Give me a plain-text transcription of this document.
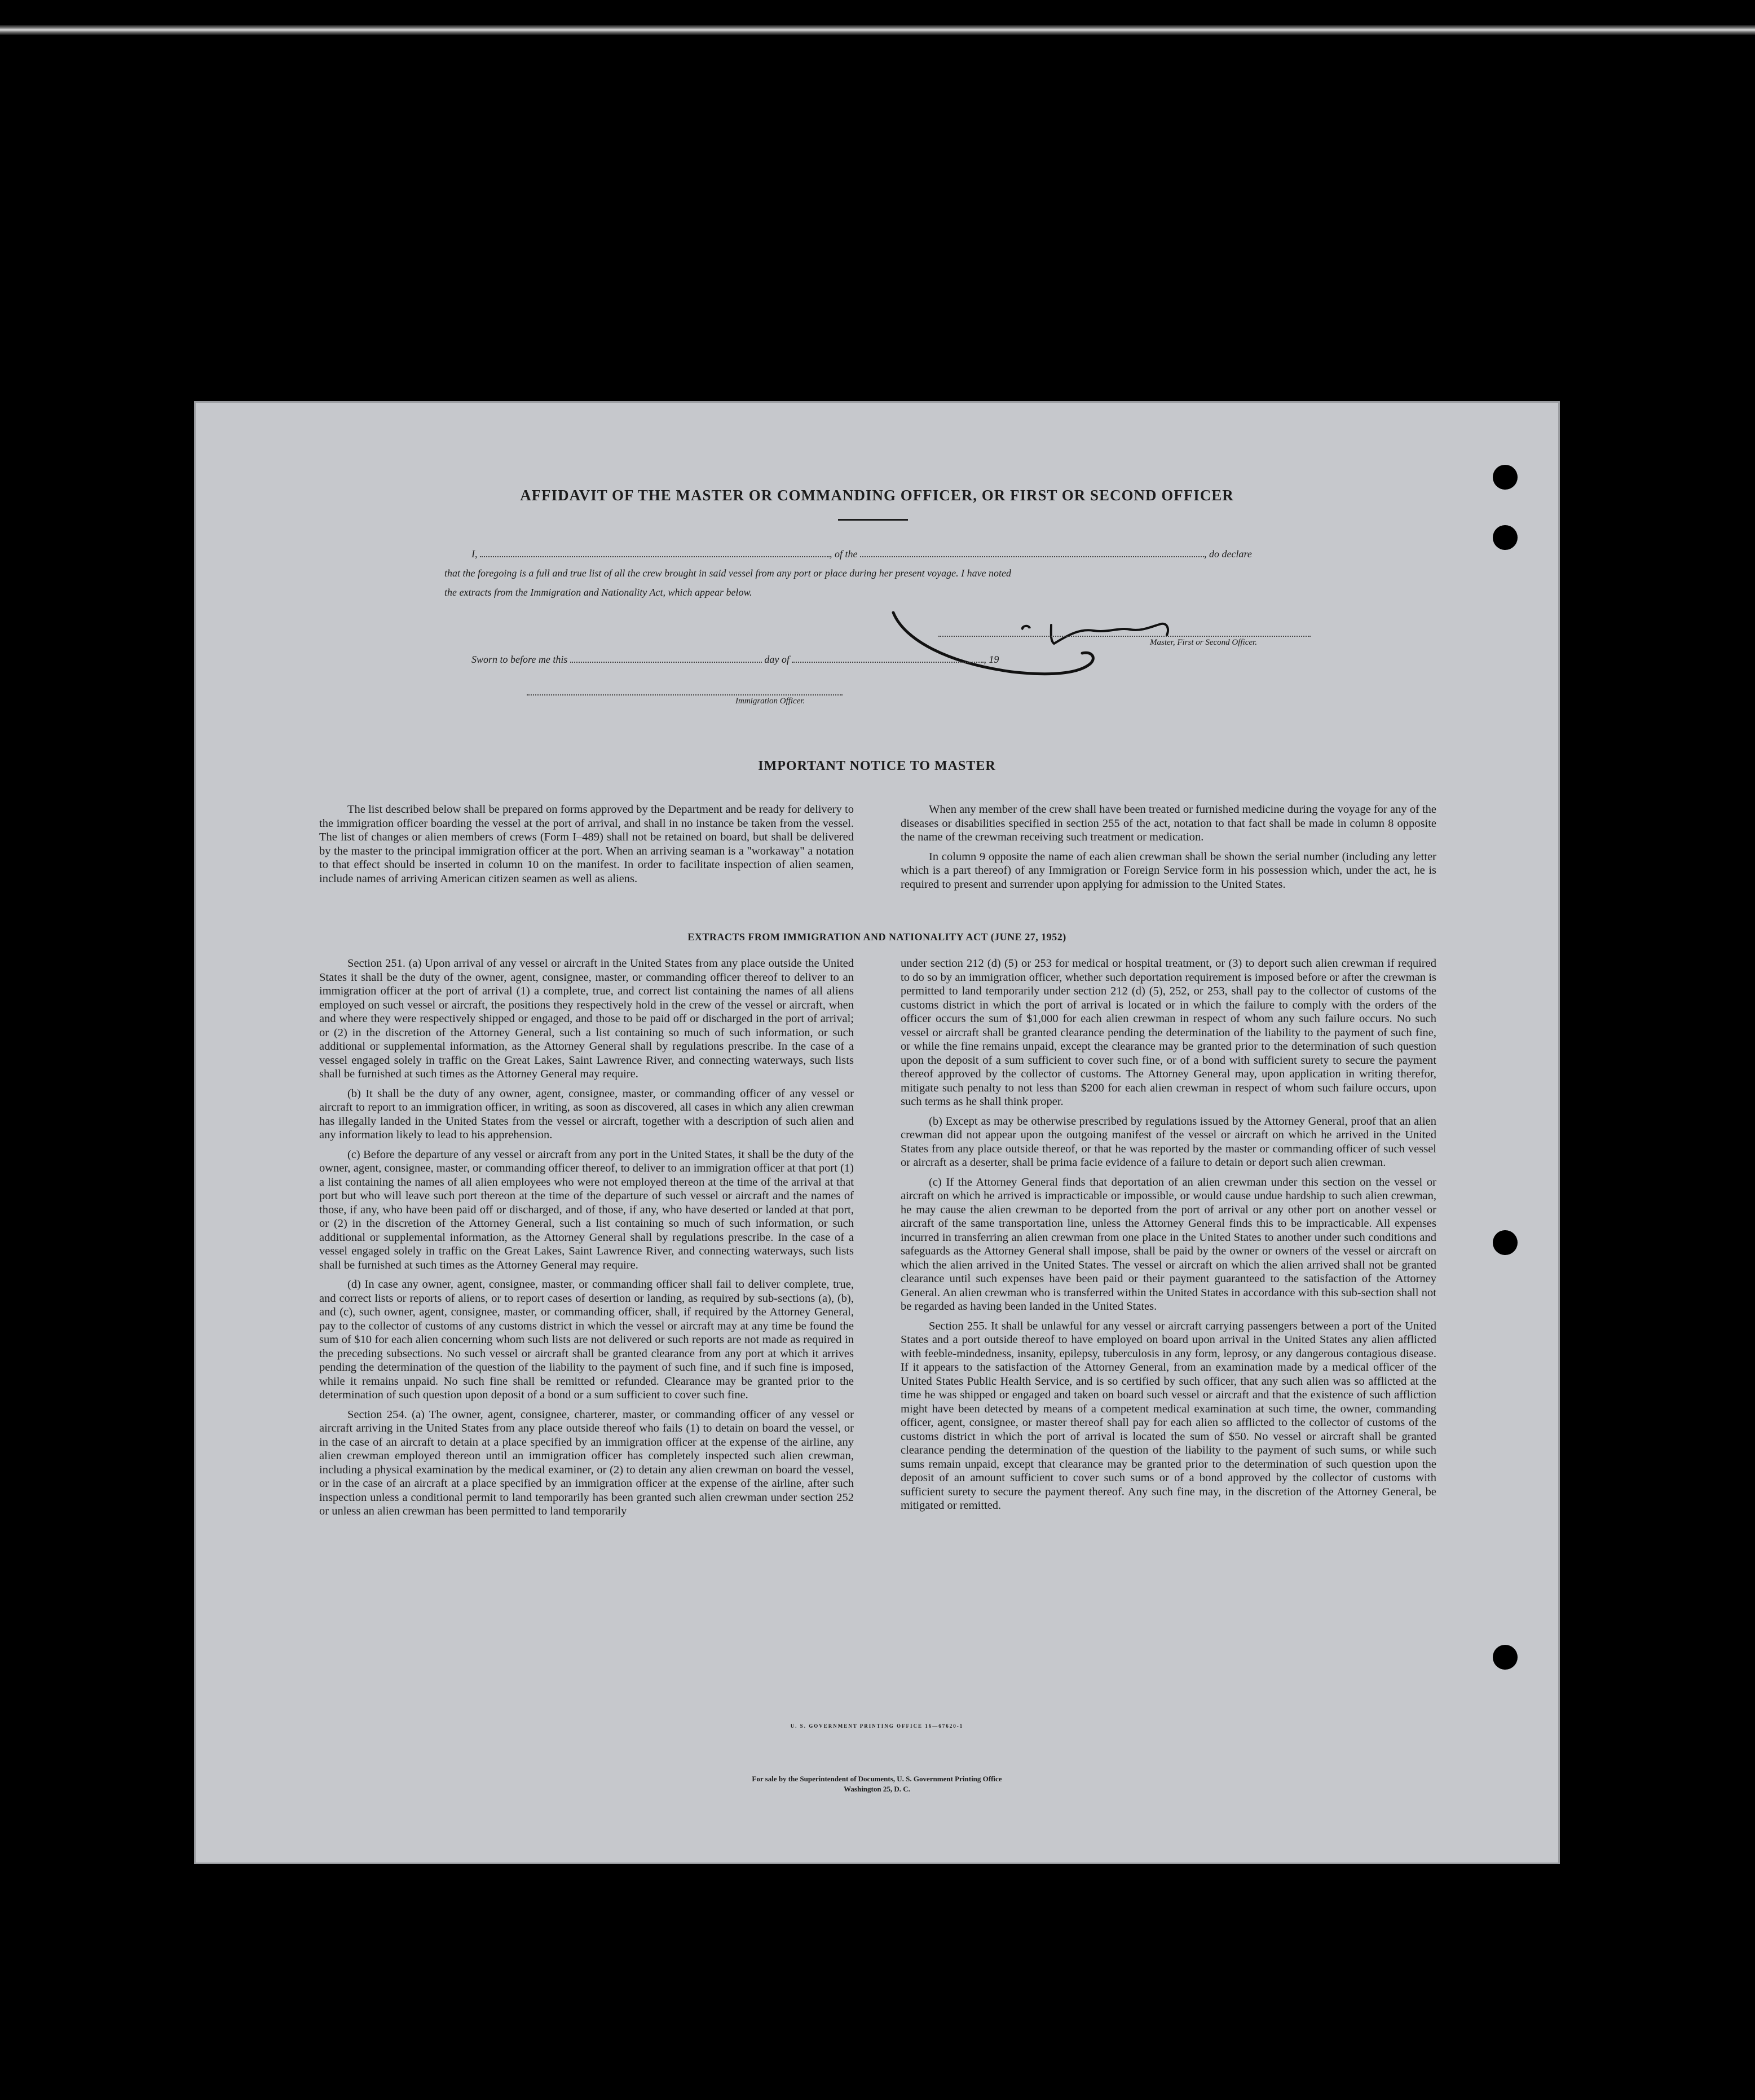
AFFIDAVIT OF THE MASTER OR COMMANDING OFFICER, OR FIRST OR SECOND OFFICER
I,	, of the	, do declare
that the foregoing is a full and true list of all the crew brought in said vessel from any port or place during her present voyage. I have noted
the extracts from the Immigration and Nationality Act, which appear below.
Master, First or Second Officer.
Sworn to before me this	day of	, 19
Immigration Officer.
IMPORTANT NOTICE TO MASTER

The list described below shall be prepared on forms approved by the Department and be ready for delivery to the immigration officer boarding the vessel at the port of arrival, and shall in no instance be taken from the vessel. The list of changes or alien members of crews (Form I–489) shall not be retained on board, but shall be delivered by the master to the principal immigration officer at the port. When an arriving seaman is a "workaway" a notation to that effect should be inserted in column 10 on the manifest. In order to facilitate inspection of alien seamen, include names of arriving American citizen seamen as well as aliens.

When any member of the crew shall have been treated or furnished medicine during the voyage for any of the diseases or disabilities specified in section 255 of the act, notation to that fact shall be made in column 8 opposite the name of the crewman receiving such treatment or medication.

In column 9 opposite the name of each alien crewman shall be shown the serial number (including any letter which is a part thereof) of any Immigration or Foreign Service form in his possession which, under the act, he is required to present and surrender upon applying for admission to the United States.

EXTRACTS FROM IMMIGRATION AND NATIONALITY ACT (JUNE 27, 1952)

Section 251. (a) Upon arrival of any vessel or aircraft in the United States from any place outside the United States it shall be the duty of the owner, agent, consignee, master, or commanding officer thereof to deliver to an immigration officer at the port of arrival (1) a complete, true, and correct list containing the names of all aliens employed on such vessel or aircraft, the positions they respectively hold in the crew of the vessel or aircraft, when and where they were respectively shipped or engaged, and those to be paid off or discharged in the port of arrival; or (2) in the discretion of the Attorney General, such a list containing so much of such information, or such additional or supplemental information, as the Attorney General shall by regulations prescribe. In the case of a vessel engaged solely in traffic on the Great Lakes, Saint Lawrence River, and connecting waterways, such lists shall be furnished at such times as the Attorney General may require.

(b) It shall be the duty of any owner, agent, consignee, master, or commanding officer of any vessel or aircraft to report to an immigration officer, in writing, as soon as discovered, all cases in which any alien crewman has illegally landed in the United States from the vessel or aircraft, together with a description of such alien and any information likely to lead to his apprehension.

(c) Before the departure of any vessel or aircraft from any port in the United States, it shall be the duty of the owner, agent, consignee, master, or commanding officer thereof, to deliver to an immigration officer at that port (1) a list containing the names of all alien employees who were not employed thereon at the time of the arrival at that port but who will leave such port thereon at the time of the departure of such vessel or aircraft and the names of those, if any, who have been paid off or discharged, and of those, if any, who have deserted or landed at that port, or (2) in the discretion of the Attorney General, such a list containing so much of such information, or such additional or supplemental information, as the Attorney General shall by regulations prescribe. In the case of a vessel engaged solely in traffic on the Great Lakes, Saint Lawrence River, and connecting waterways, such lists shall be furnished at such times as the Attorney General may require.

(d) In case any owner, agent, consignee, master, or commanding officer shall fail to deliver complete, true, and correct lists or reports of aliens, or to report cases of desertion or landing, as required by sub-sections (a), (b), and (c), such owner, agent, consignee, master, or commanding officer, shall, if required by the Attorney General, pay to the collector of customs of any customs district in which the vessel or aircraft may at any time be found the sum of $10 for each alien concerning whom such lists are not delivered or such reports are not made as required in the preceding subsections. No such vessel or aircraft shall be granted clearance from any port at which it arrives pending the determination of the question of the liability to the payment of such fine, and if such fine is imposed, while it remains unpaid. No such fine shall be remitted or refunded. Clearance may be granted prior to the determination of such question upon deposit of a bond or a sum sufficient to cover such fine.

Section 254. (a) The owner, agent, consignee, charterer, master, or commanding officer of any vessel or aircraft arriving in the United States from any place outside thereof who fails (1) to detain on board the vessel, or in the case of an aircraft to detain at a place specified by an immigration officer at the expense of the airline, any alien crewman employed thereon until an immigration officer has completely inspected such alien crewman, including a physical examination by the medical examiner, or (2) to detain any alien crewman on board the vessel, or in the case of an aircraft at a place specified by an immigration officer at the expense of the airline, after such inspection unless a conditional permit to land temporarily has been granted such alien crewman under section 252 or unless an alien crewman has been permitted to land temporarily

under section 212 (d) (5) or 253 for medical or hospital treatment, or (3) to deport such alien crewman if required to do so by an immigration officer, whether such deportation requirement is imposed before or after the crewman is permitted to land temporarily under section 212 (d) (5), 252, or 253, shall pay to the collector of customs of the customs district in which the port of arrival is located or in which the failure to comply with the orders of the officer occurs the sum of $1,000 for each alien crewman in respect of whom any such failure occurs. No such vessel or aircraft shall be granted clearance pending the determination of the liability to the payment of such fine, or while the fine remains unpaid, except the clearance may be granted prior to the determination of such question upon the deposit of a sum sufficient to cover such fine, or of a bond with sufficient surety to secure the payment thereof approved by the collector of customs. The Attorney General may, upon application in writing therefor, mitigate such penalty to not less than $200 for each alien crewman in respect of whom such failure occurs, upon such terms as he shall think proper.

(b) Except as may be otherwise prescribed by regulations issued by the Attorney General, proof that an alien crewman did not appear upon the outgoing manifest of the vessel or aircraft on which he arrived in the United States from any place outside thereof, or that he was reported by the master or commanding officer of such vessel or aircraft as a deserter, shall be prima facie evidence of a failure to detain or deport such alien crewman.

(c) If the Attorney General finds that deportation of an alien crewman under this section on the vessel or aircraft on which he arrived is impracticable or impossible, or would cause undue hardship to such alien crewman, he may cause the alien crewman to be deported from the port of arrival or any other port on another vessel or aircraft of the same transportation line, unless the Attorney General finds this to be impracticable. All expenses incurred in transferring an alien crewman from one place in the United States to another under such conditions and safeguards as the Attorney General shall impose, shall be paid by the owner or owners of the vessel or aircraft on which the alien arrived in the United States. The vessel or aircraft on which the alien arrived shall not be granted clearance until such expenses have been paid or their payment guaranteed to the satisfaction of the Attorney General. An alien crewman who is transferred within the United States in accordance with this sub-section shall not be regarded as having been landed in the United States.

Section 255. It shall be unlawful for any vessel or aircraft carrying passengers between a port of the United States and a port outside thereof to have employed on board upon arrival in the United States any alien afflicted with feeble-mindedness, insanity, epilepsy, tuberculosis in any form, leprosy, or any dangerous contagious disease. If it appears to the satisfaction of the Attorney General, from an examination made by a medical officer of the United States Public Health Service, and is so certified by such officer, that any such alien was so afflicted at the time he was shipped or engaged and taken on board such vessel or aircraft and that the existence of such affliction might have been detected by means of a competent medical examination at such time, the owner, commanding officer, agent, consignee, or master thereof shall pay for each alien so afflicted to the collector of customs of the customs district in which the port of arrival is located the sum of $50. No vessel or aircraft shall be granted clearance pending the determination of the question of the liability to the payment of such sums, or while such sums remain unpaid, except that clearance may be granted prior to the determination of such question upon the deposit of an amount sufficient to cover such sums or of a bond approved by the collector of customs with sufficient surety to secure the payment thereof. Any such fine may, in the discretion of the Attorney General, be mitigated or remitted.

U. S. GOVERNMENT PRINTING OFFICE 16—67620-1
For sale by the Superintendent of Documents, U. S. Government Printing Office
Washington 25, D. C.
